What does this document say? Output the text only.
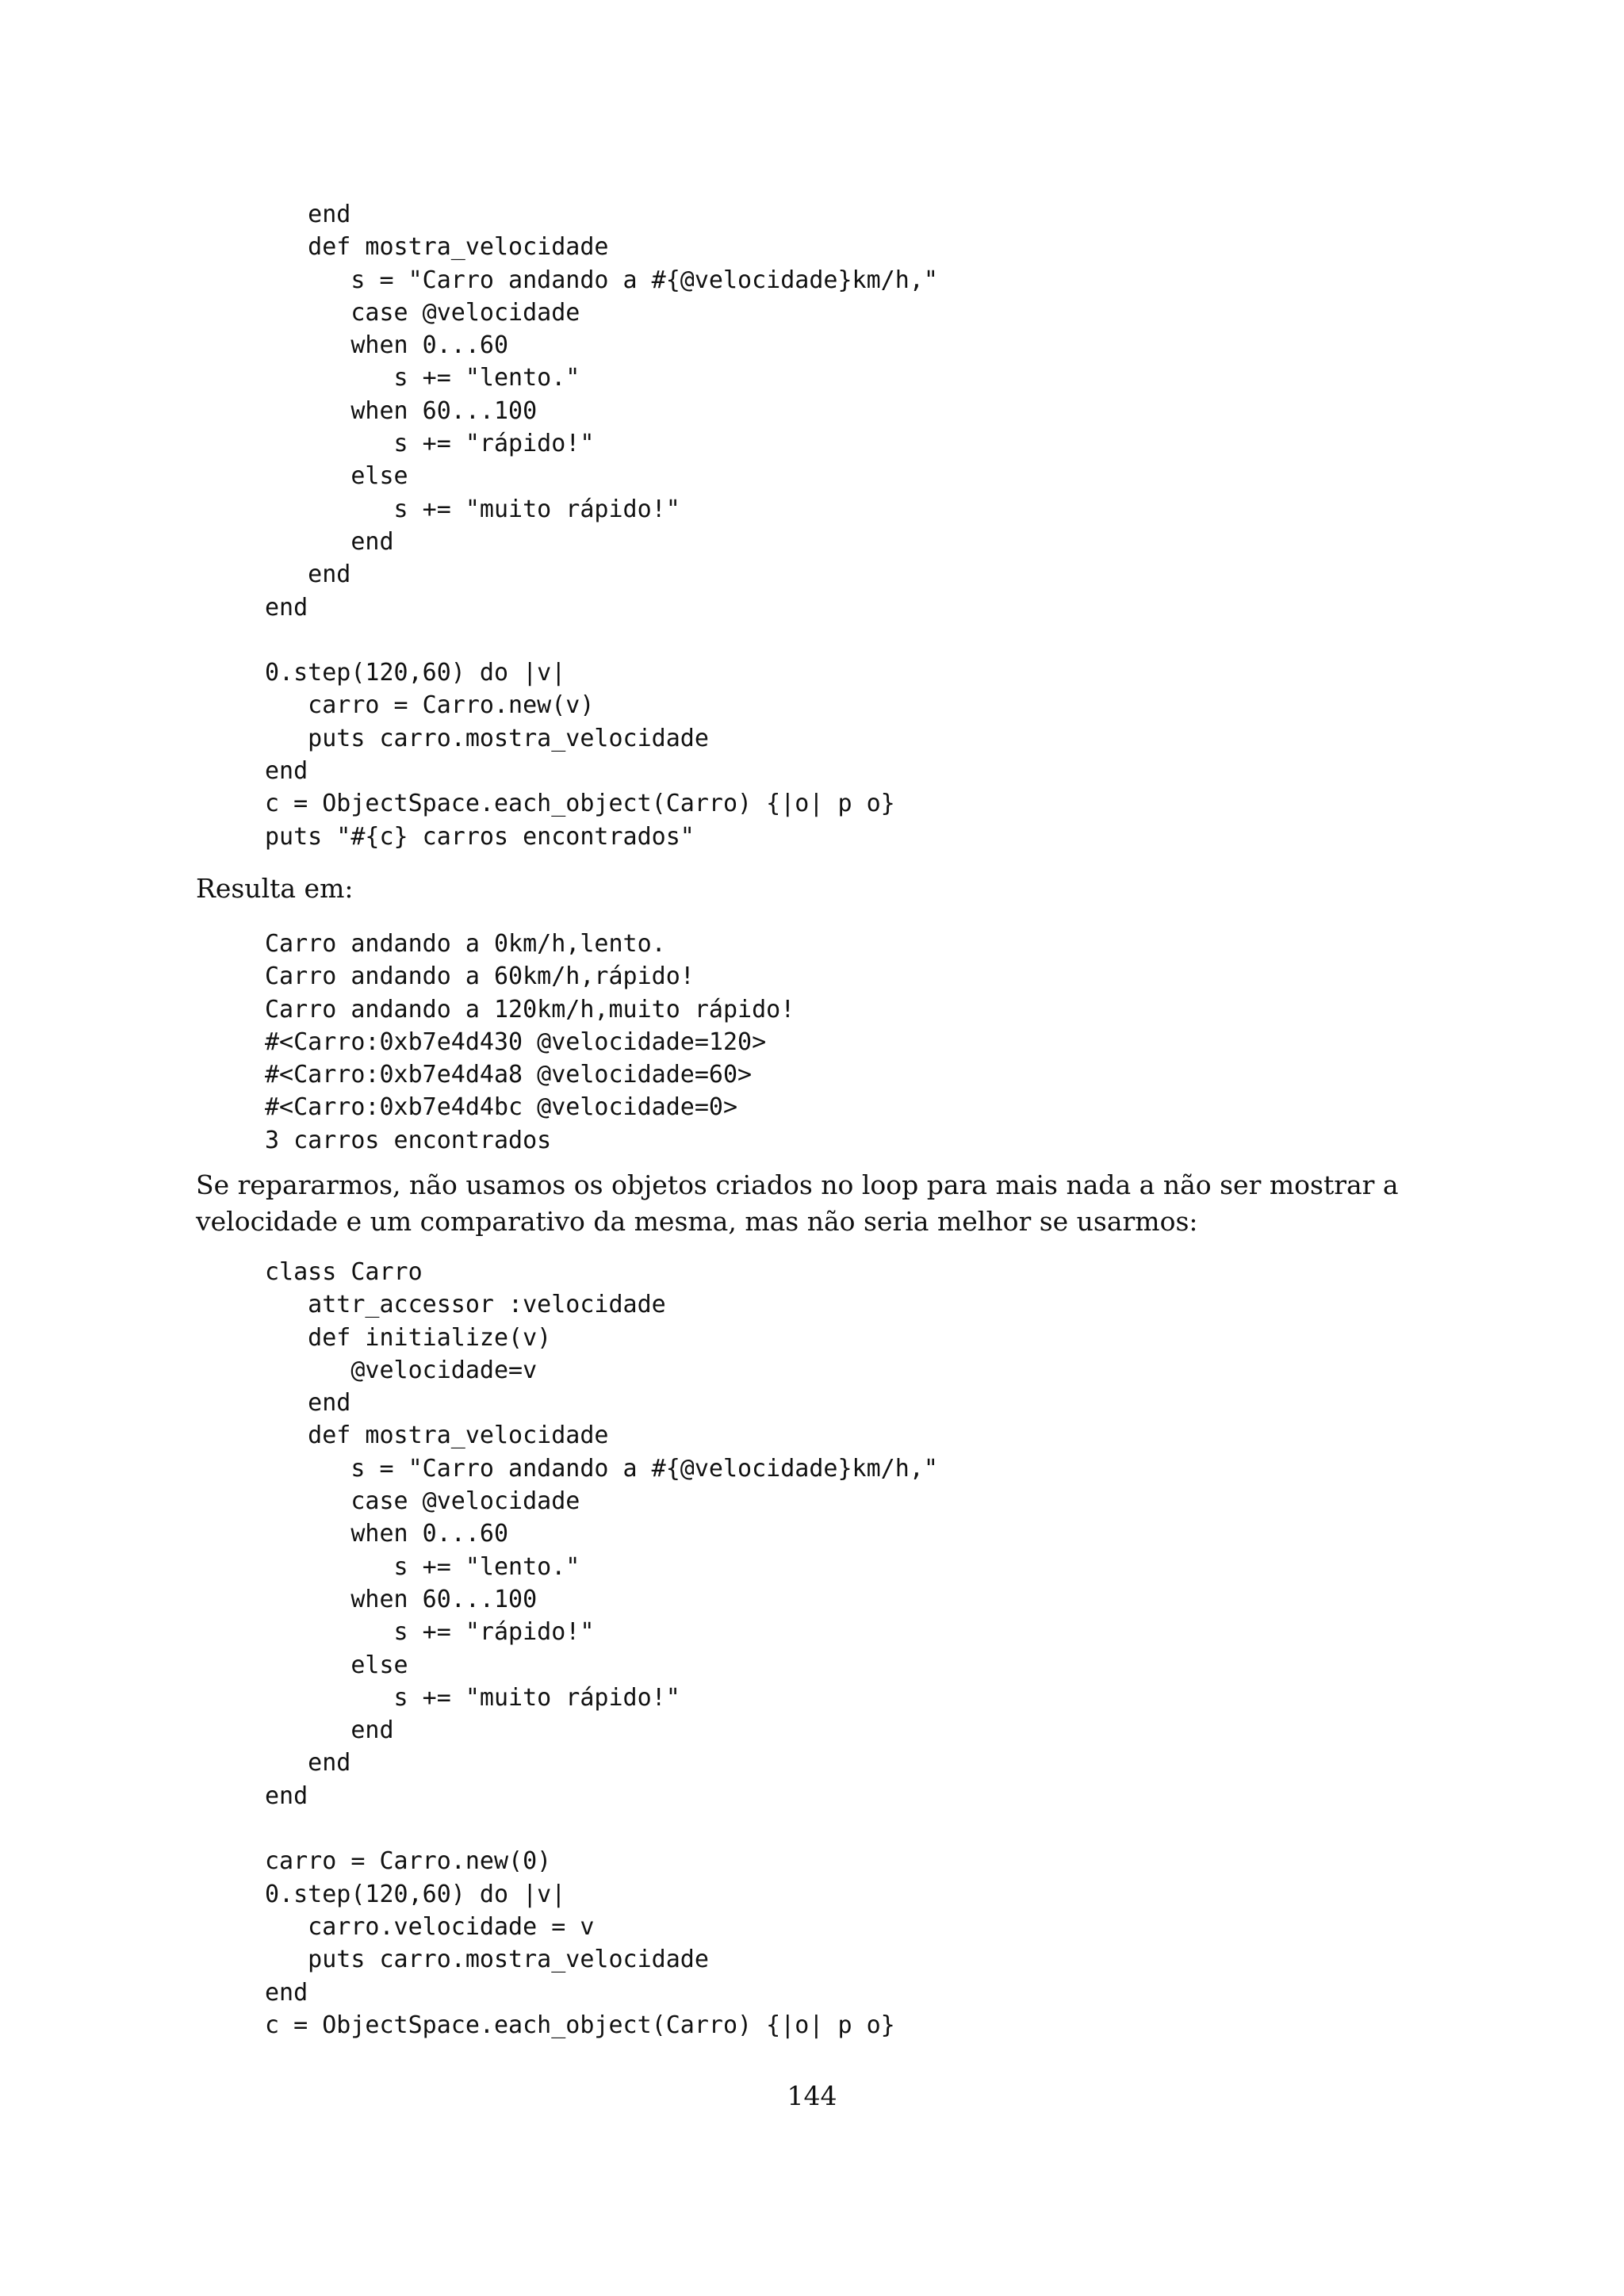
end
def mostra_velocidade
s = "Carro andando a #{@velocidade}km/h,"
case @velocidade
when 0...60
s += "lento."
when 60...100
s += "rápido!"
else
s += "muito rápido!"
end
end
end
0.step(120,60) do |v|
carro = Carro.new(v)
puts carro.mostra_velocidade
end
c = ObjectSpace.each_object(Carro) {|o| p o}
puts "#{c} carros encontrados"

Resulta em:

Carro andando a 0km/h,lento.
Carro andando a 60km/h,rápido!
Carro andando a 120km/h,muito rápido!
#<Carro:0xb7e4d430 @velocidade=120>
#<Carro:0xb7e4d4a8 @velocidade=60>
#<Carro:0xb7e4d4bc @velocidade=0>
3 carros encontrados

Se repararmos, não usamos os objetos criados no loop para mais nada a não ser mostrar a velocidade e um comparativo da mesma, mas não seria melhor se usarmos:

class Carro
attr_accessor :velocidade
def initialize(v)
@velocidade=v
end
def mostra_velocidade
s = "Carro andando a #{@velocidade}km/h,"
case @velocidade
when 0...60
s += "lento."
when 60...100
s += "rápido!"
else
s += "muito rápido!"
end
end
end
carro = Carro.new(0)
0.step(120,60) do |v|
carro.velocidade = v
puts carro.mostra_velocidade
end
c = ObjectSpace.each_object(Carro) {|o| p o}
144
